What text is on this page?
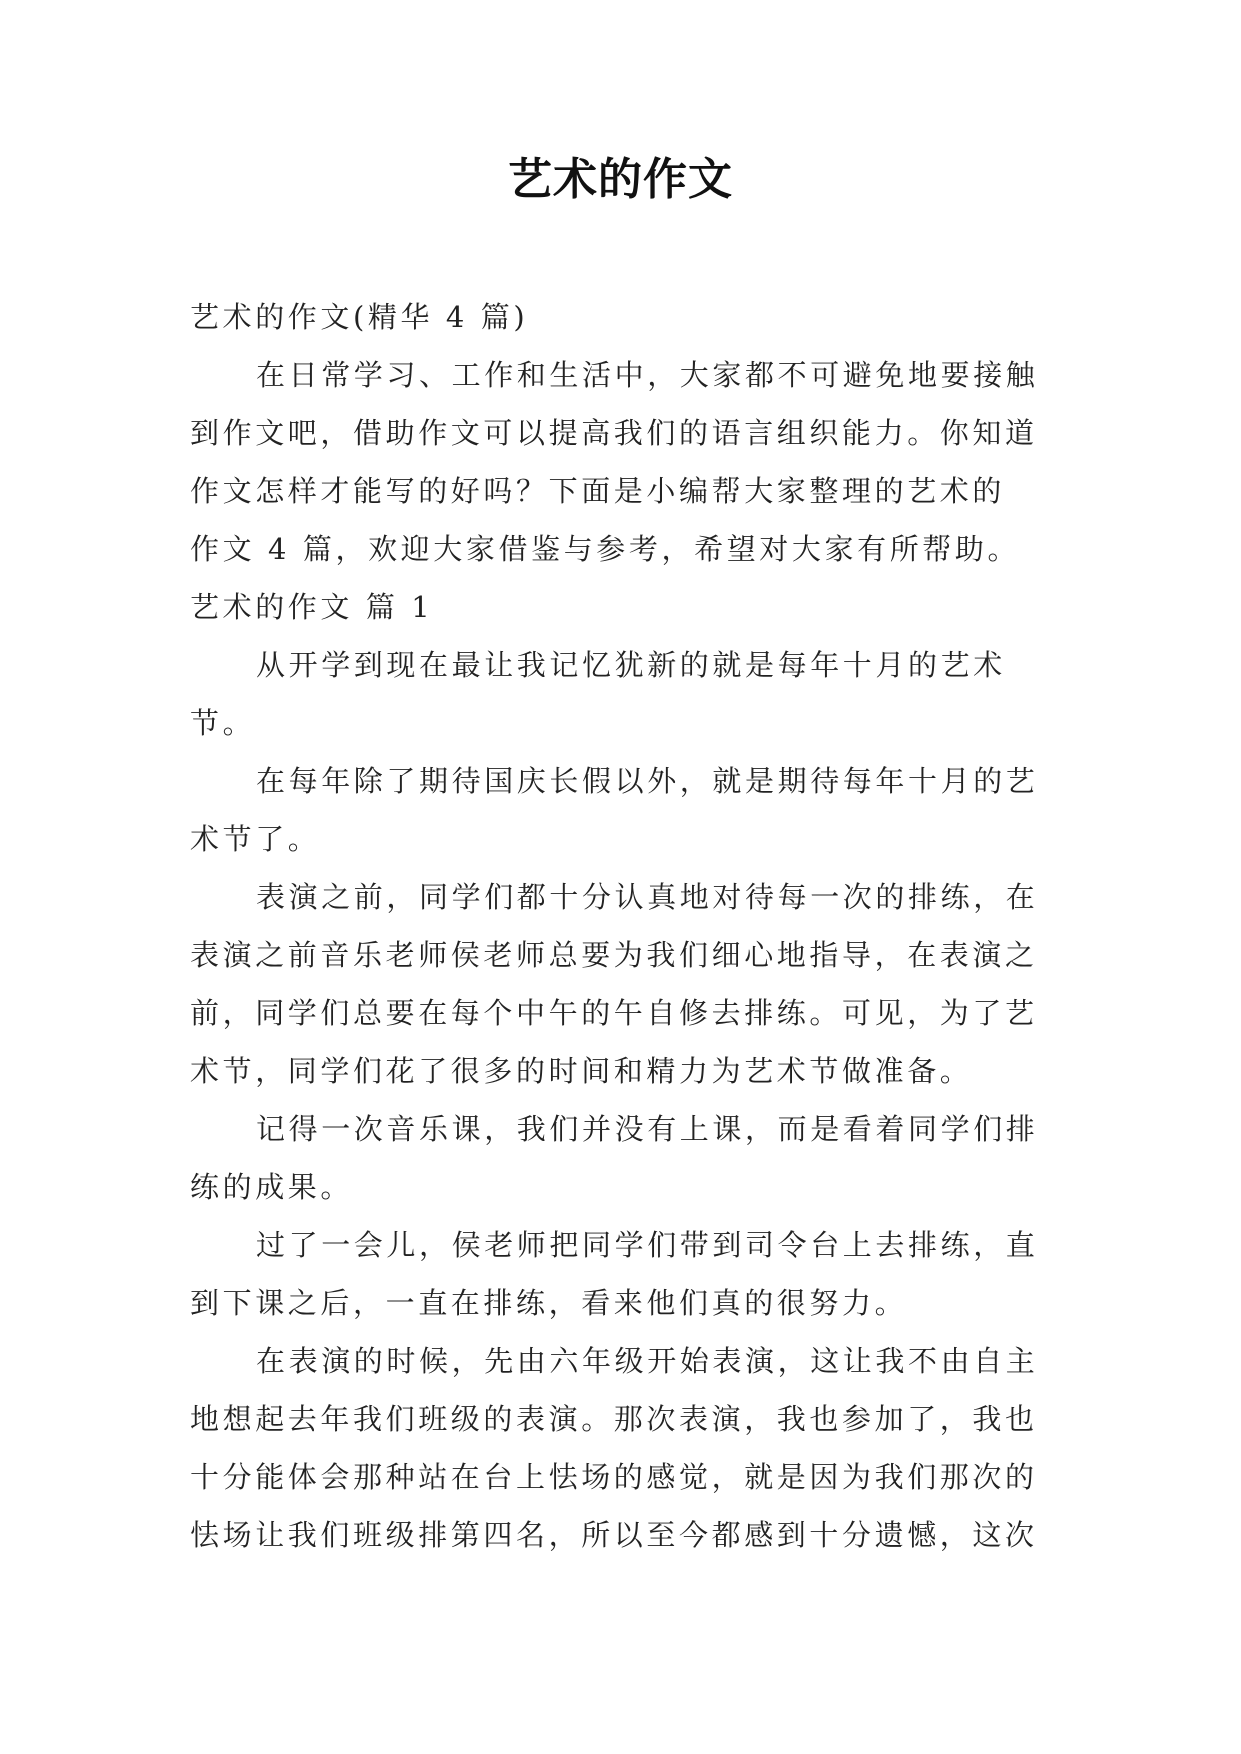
艺术的作文
艺术的作文(精华 4 篇)
在日常学习、工作和生活中，大家都不可避免地要接触
到作文吧，借助作文可以提高我们的语言组织能力。你知道
作文怎样才能写的好吗？下面是小编帮大家整理的艺术的
作文 4 篇，欢迎大家借鉴与参考，希望对大家有所帮助。
艺术的作文 篇 1
从开学到现在最让我记忆犹新的就是每年十月的艺术
节。
在每年除了期待国庆长假以外，就是期待每年十月的艺
术节了。
表演之前，同学们都十分认真地对待每一次的排练，在
表演之前音乐老师侯老师总要为我们细心地指导，在表演之
前，同学们总要在每个中午的午自修去排练。可见，为了艺
术节，同学们花了很多的时间和精力为艺术节做准备。
记得一次音乐课，我们并没有上课，而是看着同学们排
练的成果。
过了一会儿，侯老师把同学们带到司令台上去排练，直
到下课之后，一直在排练，看来他们真的很努力。
在表演的时候，先由六年级开始表演，这让我不由自主
地想起去年我们班级的表演。那次表演，我也参加了，我也
十分能体会那种站在台上怯场的感觉，就是因为我们那次的
怯场让我们班级排第四名，所以至今都感到十分遗憾，这次
